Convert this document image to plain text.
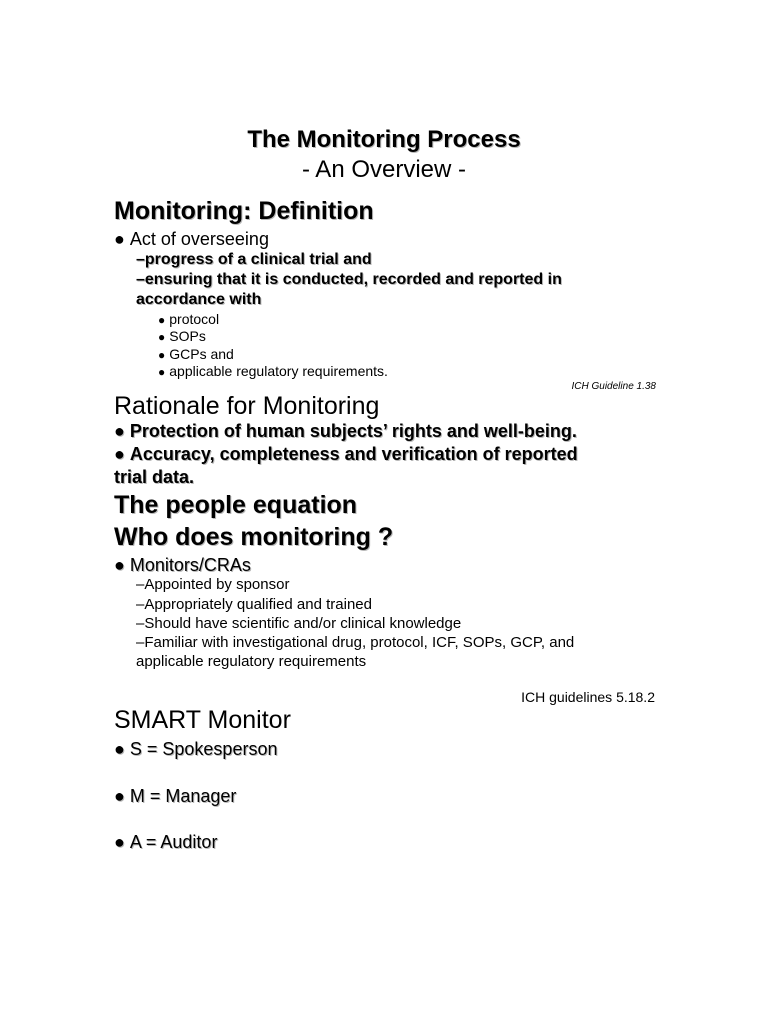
The Monitoring Process
- An Overview -
Monitoring: Definition
● Act of overseeing
– progress of a clinical trial and
– ensuring that it is conducted, recorded and reported in
accordance with
● protocol
● SOPs
● GCPs and
● applicable regulatory requirements.
ICH Guideline 1.38
Rationale for Monitoring
● Protection of human subjects’ rights and well-being.
● Accuracy, completeness and verification of reported
trial data.
The people equation
Who does monitoring ?
● Monitors/CRAs
– Appointed by sponsor
– Appropriately qualified and trained
– Should have scientific and/or clinical knowledge
– Familiar with investigational drug, protocol, ICF, SOPs, GCP, and
applicable regulatory requirements
ICH guidelines 5.18.2
SMART Monitor
● S = Spokesperson
● M = Manager
● A = Auditor
